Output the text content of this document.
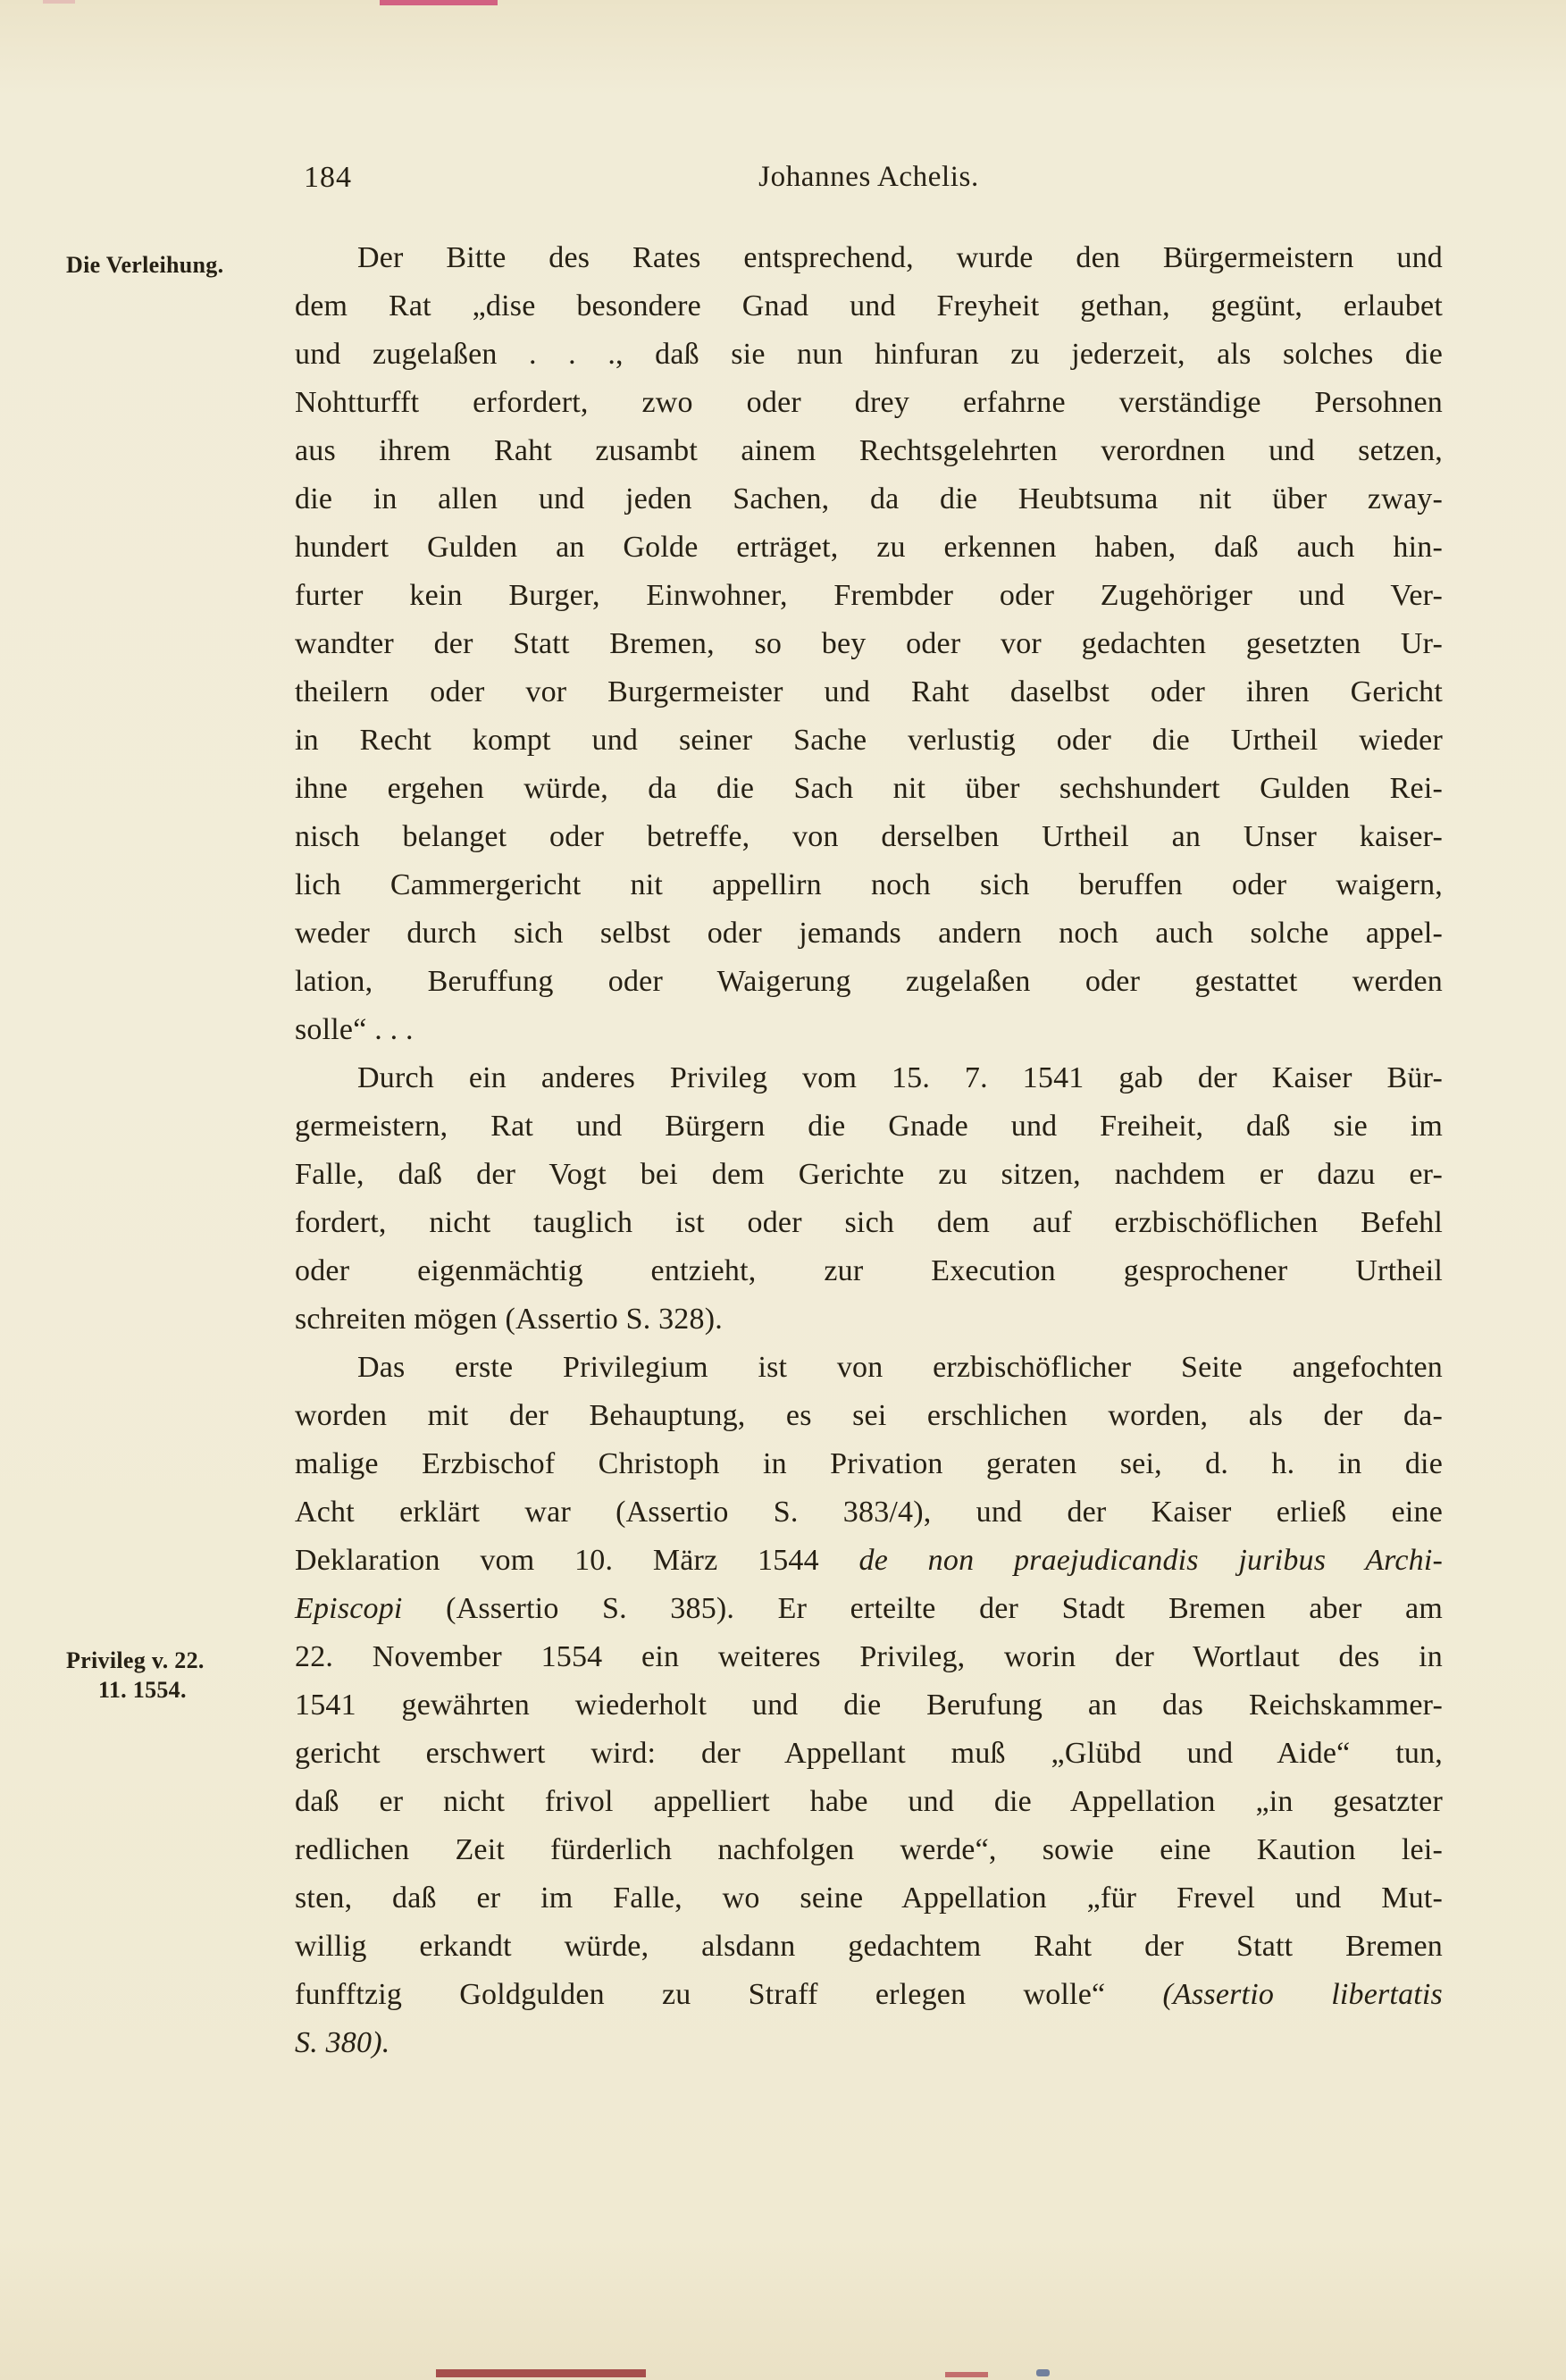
184	Johannes Achelis.
Die Verleihung.
Privileg v. 22.
11. 1554.
Der Bitte des Rates entsprechend, wurde den Bürgermeistern und
dem Rat „dise besondere Gnad und Freyheit gethan, gegünt, erlaubet
und zugelaßen . . ., daß sie nun hinfuran zu jederzeit, als solches die
Nohtturfft erfordert, zwo oder drey erfahrne verständige Persohnen
aus ihrem Raht zusambt ainem Rechtsgelehrten verordnen und setzen,
die in allen und jeden Sachen, da die Heubtsuma nit über zway-
hundert Gulden an Golde erträget, zu erkennen haben, daß auch hin-
furter kein Burger, Einwohner, Frembder oder Zugehöriger und Ver-
wandter der Statt Bremen, so bey oder vor gedachten gesetzten Ur-
theilern oder vor Burgermeister und Raht daselbst oder ihren Gericht
in Recht kompt und seiner Sache verlustig oder die Urtheil wieder
ihne ergehen würde, da die Sach nit über sechshundert Gulden Rei-
nisch belanget oder betreffe, von derselben Urtheil an Unser kaiser-
lich Cammergericht nit appellirn noch sich beruffen oder waigern,
weder durch sich selbst oder jemands andern noch auch solche appel-
lation, Beruffung oder Waigerung zugelaßen oder gestattet werden
solle“ . . .
Durch ein anderes Privileg vom 15. 7. 1541 gab der Kaiser Bür-
germeistern, Rat und Bürgern die Gnade und Freiheit, daß sie im
Falle, daß der Vogt bei dem Gerichte zu sitzen, nachdem er dazu er-
fordert, nicht tauglich ist oder sich dem auf erzbischöflichen Befehl
oder eigenmächtig entzieht, zur Execution gesprochener Urtheil
schreiten mögen (Assertio S. 328).
Das erste Privilegium ist von erzbischöflicher Seite angefochten
worden mit der Behauptung, es sei erschlichen worden, als der da-
malige Erzbischof Christoph in Privation geraten sei, d. h. in die
Acht erklärt war (Assertio S. 383/4), und der Kaiser erließ eine
Deklaration vom 10. März 1544 de non praejudicandis juribus Archi-
Episcopi (Assertio S. 385). Er erteilte der Stadt Bremen aber am
22. November 1554 ein weiteres Privileg, worin der Wortlaut des in
1541 gewährten wiederholt und die Berufung an das Reichskammer-
gericht erschwert wird: der Appellant muß „Glübd und Aide“ tun,
daß er nicht frivol appelliert habe und die Appellation „in gesatzter
redlichen Zeit fürderlich nachfolgen werde“, sowie eine Kaution lei-
sten, daß er im Falle, wo seine Appellation „für Frevel und Mut-
willig erkandt würde, alsdann gedachtem Raht der Statt Bremen
funfftzig Goldgulden zu Straff erlegen wolle“ (Assertio libertatis
S. 380).
